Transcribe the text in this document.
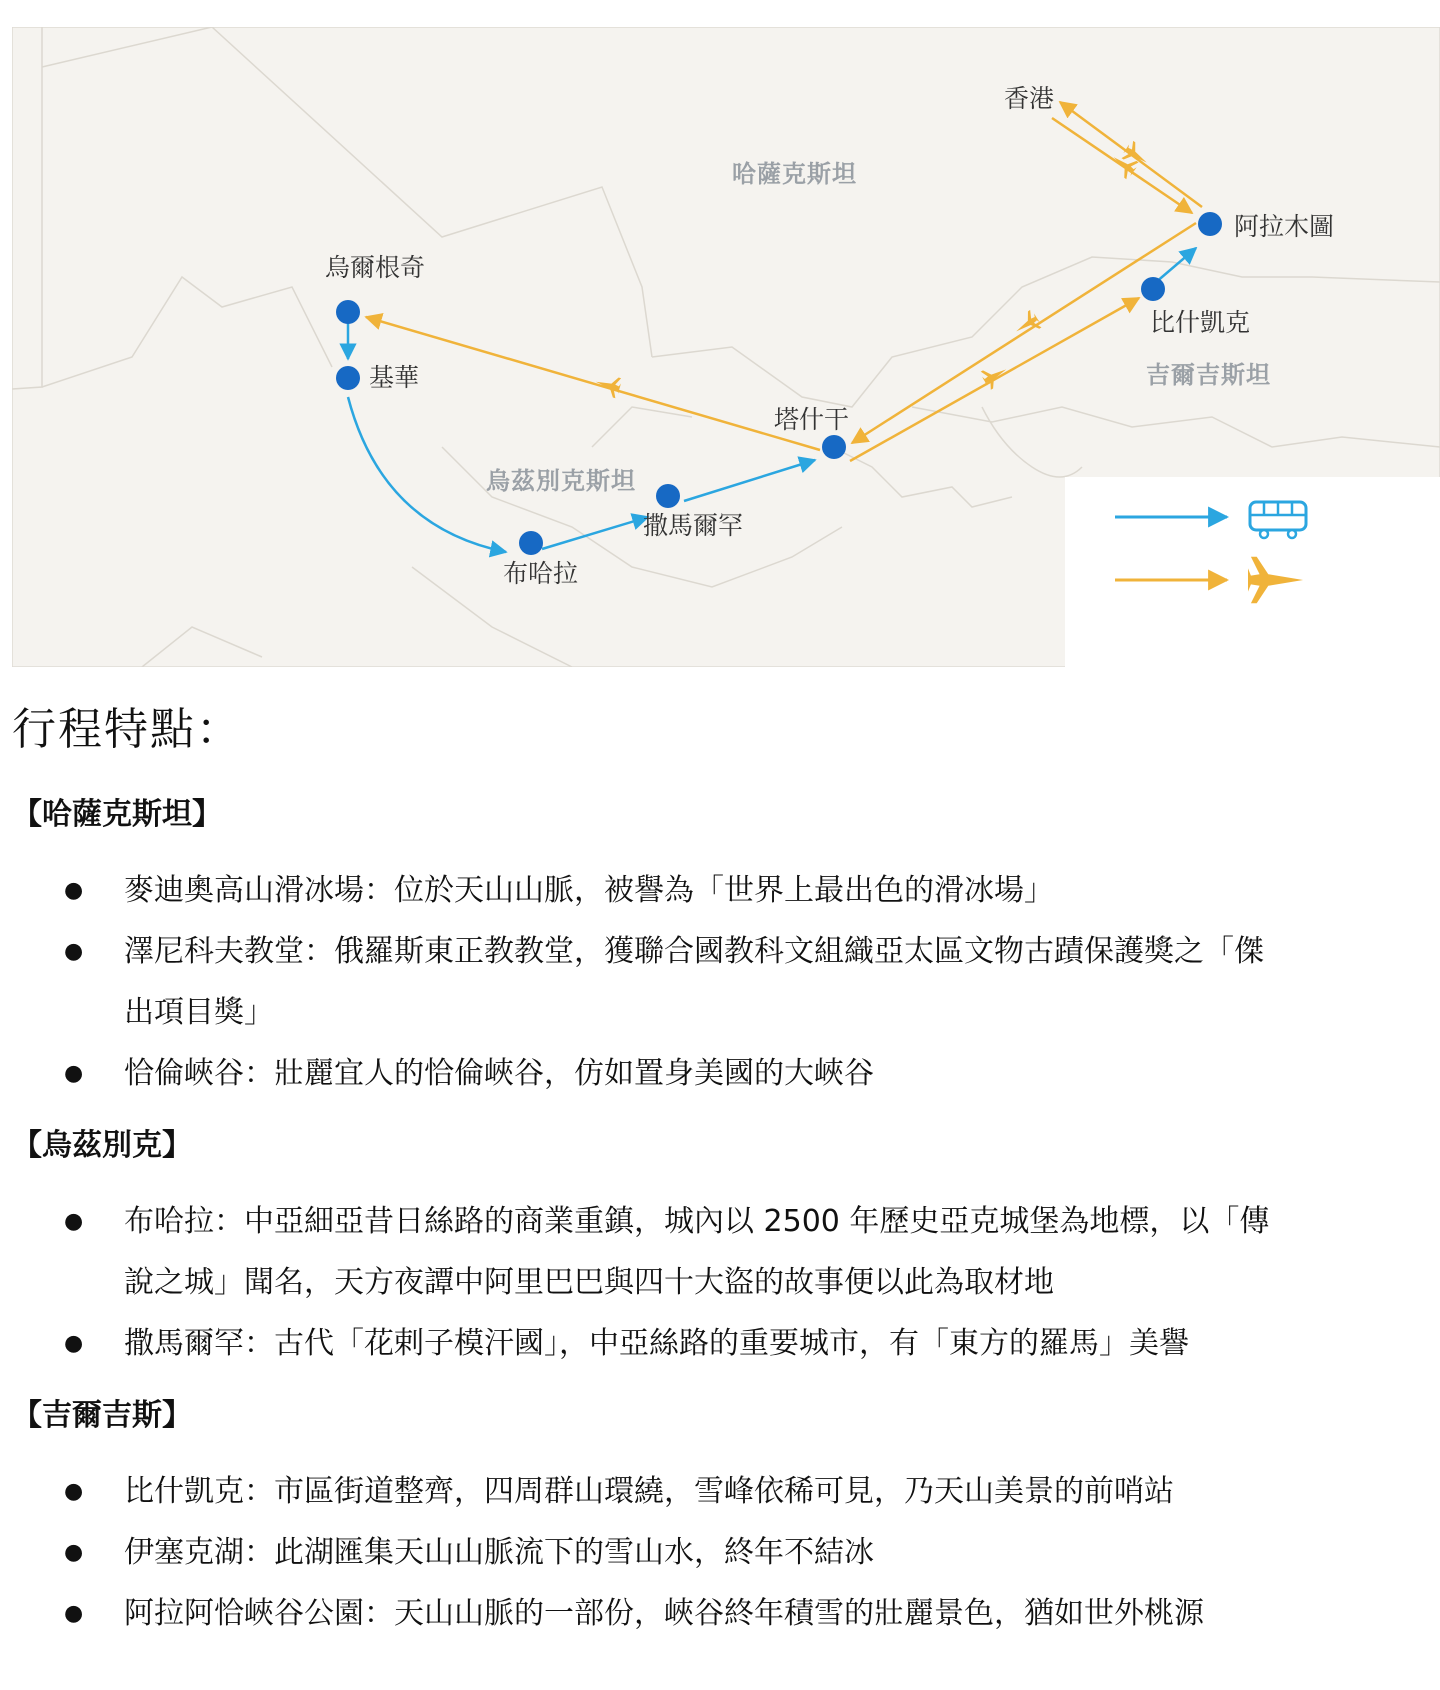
哈薩克斯坦
烏茲別克斯坦
吉爾吉斯坦
香港
阿拉木圖
比什凱克
塔什干
烏爾根奇
基華
布哈拉
撒馬爾罕
行程特點：
【哈薩克斯坦】
● 麥迪奧高山滑冰場：位於天山山脈，被譽為「世界上最出色的滑冰場」
● 澤尼科夫教堂：俄羅斯東正教教堂，獲聯合國教科文組織亞太區文物古蹟保護獎之「傑出項目獎」
● 恰倫峽谷：壯麗宜人的恰倫峽谷，仿如置身美國的大峽谷
【烏茲別克】
● 布哈拉：中亞細亞昔日絲路的商業重鎮，城內以 2500 年歷史亞克城堡為地標，以「傳說之城」聞名，天方夜譚中阿里巴巴與四十大盜的故事便以此為取材地
● 撒馬爾罕：古代「花剌子模汗國」，中亞絲路的重要城市，有「東方的羅馬」美譽
【吉爾吉斯】
● 比什凱克：市區街道整齊，四周群山環繞，雪峰依稀可見，乃天山美景的前哨站
● 伊塞克湖：此湖匯集天山山脈流下的雪山水，終年不結冰
● 阿拉阿恰峽谷公園：天山山脈的一部份，峽谷終年積雪的壯麗景色，猶如世外桃源
